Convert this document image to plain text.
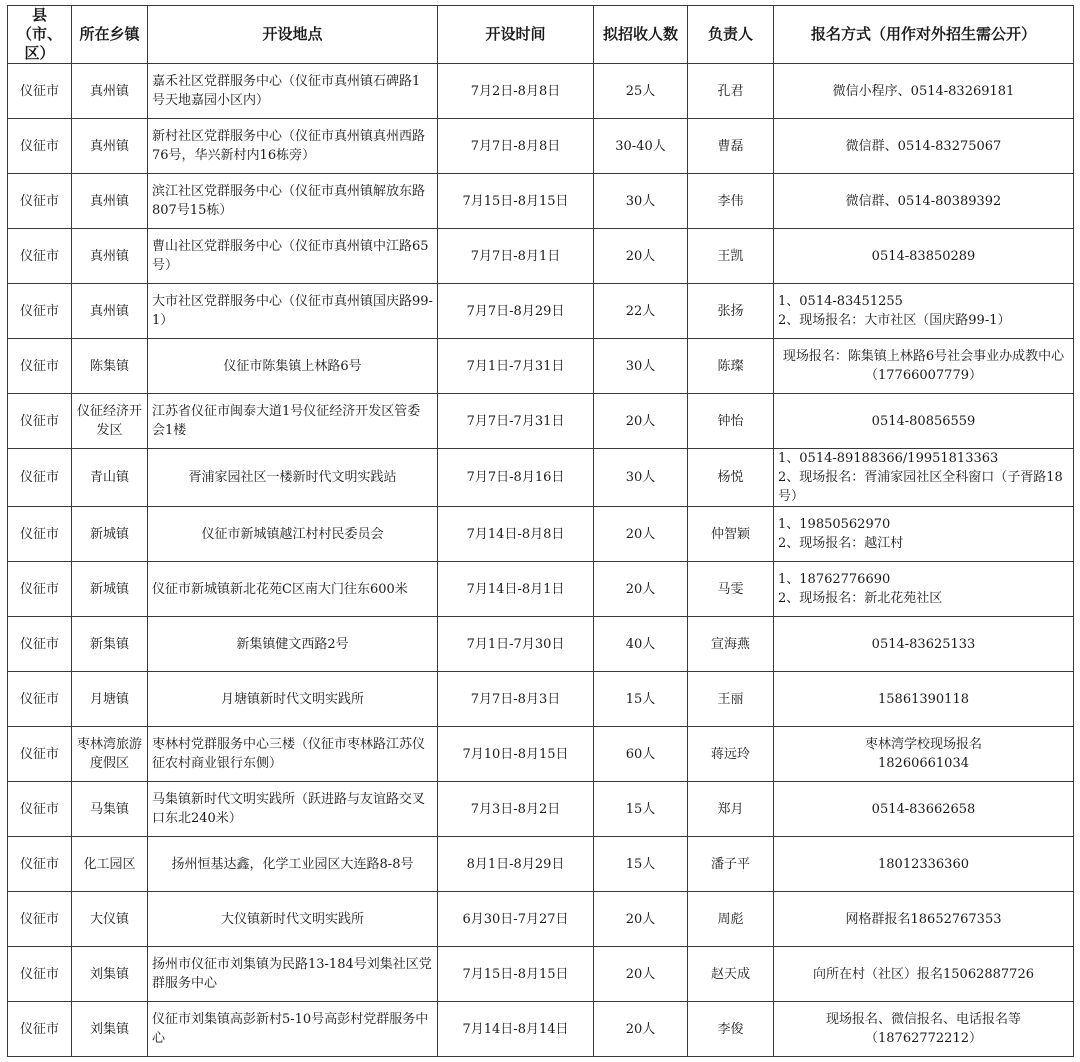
县（市、区）	所在乡镇	开设地点	开设时间	拟招收人数	负责人	报名方式（用作对外招生需公开）
仪征市	真州镇	嘉禾社区党群服务中心（仪征市真州镇石碑路1号天地嘉园小区内）	7月2日-8月8日	25人	孔君	微信小程序、0514-83269181

仪征市	真州镇	新村社区党群服务中心（仪征市真州镇真州西路76号，华兴新村内16栋旁）	7月7日-8月8日	30-40人	曹磊	微信群、0514-83275067

仪征市	真州镇	滨江社区党群服务中心（仪征市真州镇解放东路807号15栋）	7月15日-8月15日	30人	李伟	微信群、0514-80389392

仪征市	真州镇	曹山社区党群服务中心（仪征市真州镇中江路65号）	7月7日-8月1日	20人	王凯	0514-83850289

仪征市	真州镇	大市社区党群服务中心（仪征市真州镇国庆路99-1）	7月7日-8月29日	22人	张扬	1、0514-83451255
2、现场报名：大市社区（国庆路99-1）

仪征市	陈集镇	仪征市陈集镇上林路6号	7月1日-7月31日	30人	陈璨	现场报名：陈集镇上林路6号社会事业办成教中心（17766007779）

仪征市	仪征经济开发区	江苏省仪征市闽泰大道1号仪征经济开发区管委会1楼	7月7日-7月31日	20人	钟怡	0514-80856559

仪征市	青山镇	胥浦家园社区一楼新时代文明实践站	7月7日-8月16日	30人	杨悦	1、0514-89188366/19951813363
2、现场报名：胥浦家园社区全科窗口（子胥路18号）

仪征市	新城镇	仪征市新城镇越江村村民委员会	7月14日-8月8日	20人	仲智颖	1、19850562970
2、现场报名：越江村

仪征市	新城镇	仪征市新城镇新北花苑C区南大门往东600米	7月14日-8月1日	20人	马雯	1、18762776690
2、现场报名：新北花苑社区

仪征市	新集镇	新集镇健文西路2号	7月1日-7月30日	40人	宣海燕	0514-83625133

仪征市	月塘镇	月塘镇新时代文明实践所	7月7日-8月3日	15人	王丽	15861390118

仪征市	枣林湾旅游度假区	枣林村党群服务中心三楼（仪征市枣林路江苏仪征农村商业银行东侧）	7月10日-8月15日	60人	蒋远玲	枣林湾学校现场报名
18260661034

仪征市	马集镇	马集镇新时代文明实践所（跃进路与友谊路交叉口东北240米）	7月3日-8月2日	15人	郑月	0514-83662658

仪征市	化工园区	扬州恒基达鑫，化学工业园区大连路8-8号	8月1日-8月29日	15人	潘子平	18012336360

仪征市	大仪镇	大仪镇新时代文明实践所	6月30日-7月27日	20人	周彪	网格群报名18652767353

仪征市	刘集镇	扬州市仪征市刘集镇为民路13-184号刘集社区党群服务中心	7月15日-8月15日	20人	赵天成	向所在村（社区）报名15062887726

仪征市	刘集镇	仪征市刘集镇高彭新村5-10号高彭村党群服务中心	7月14日-8月14日	20人	李俊	现场报名、微信报名、电话报名等（18762772212）
